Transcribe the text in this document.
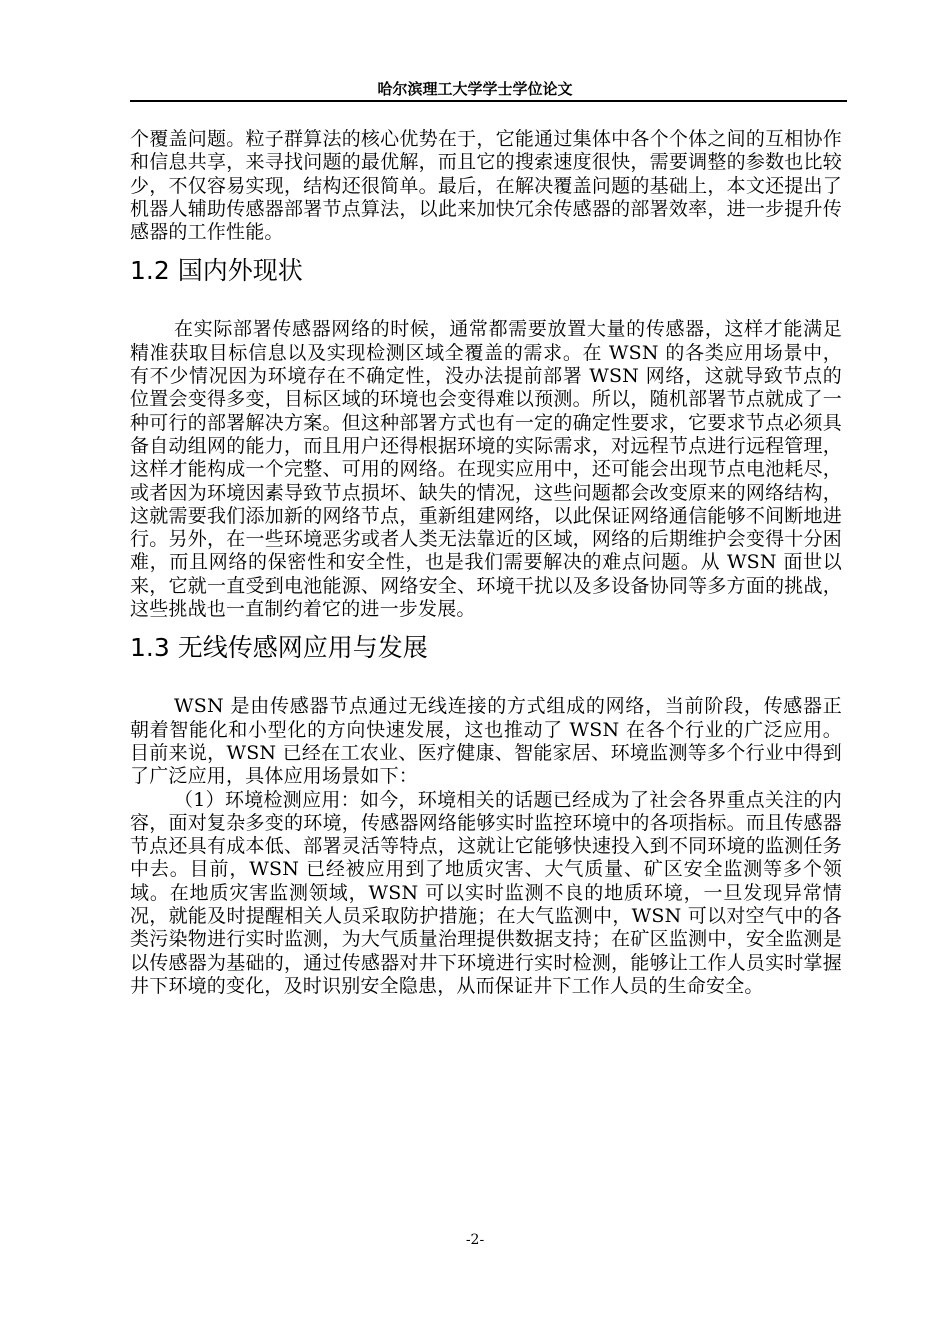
哈尔滨理工大学学士学位论文

个覆盖问题。粒子群算法的核心优势在于，它能通过集体中各个个体之间的互相协作和信息共享，来寻找问题的最优解，而且它的搜索速度很快，需要调整的参数也比较少，不仅容易实现，结构还很简单。最后，在解决覆盖问题的基础上，本文还提出了机器人辅助传感器部署节点算法，以此来加快冗余传感器的部署效率，进一步提升传感器的工作性能。

1.2 国内外现状

在实际部署传感器网络的时候，通常都需要放置大量的传感器，这样才能满足精准获取目标信息以及实现检测区域全覆盖的需求。在 WSN 的各类应用场景中，有不少情况因为环境存在不确定性，没办法提前部署 WSN 网络，这就导致节点的位置会变得多变，目标区域的环境也会变得难以预测。所以，随机部署节点就成了一种可行的部署解决方案。但这种部署方式也有一定的确定性要求，它要求节点必须具备自动组网的能力，而且用户还得根据环境的实际需求，对远程节点进行远程管理，这样才能构成一个完整、可用的网络。在现实应用中，还可能会出现节点电池耗尽，或者因为环境因素导致节点损坏、缺失的情况，这些问题都会改变原来的网络结构，这就需要我们添加新的网络节点，重新组建网络，以此保证网络通信能够不间断地进行。另外，在一些环境恶劣或者人类无法靠近的区域，网络的后期维护会变得十分困难，而且网络的保密性和安全性，也是我们需要解决的难点问题。从 WSN 面世以来，它就一直受到电池能源、网络安全、环境干扰以及多设备协同等多方面的挑战，这些挑战也一直制约着它的进一步发展。

1.3 无线传感网应用与发展

WSN 是由传感器节点通过无线连接的方式组成的网络，当前阶段，传感器正朝着智能化和小型化的方向快速发展，这也推动了 WSN 在各个行业的广泛应用。目前来说，WSN 已经在工农业、医疗健康、智能家居、环境监测等多个行业中得到了广泛应用，具体应用场景如下：

（1）环境检测应用：如今，环境相关的话题已经成为了社会各界重点关注的内容，面对复杂多变的环境，传感器网络能够实时监控环境中的各项指标。而且传感器节点还具有成本低、部署灵活等特点，这就让它能够快速投入到不同环境的监测任务中去。目前，WSN 已经被应用到了地质灾害、大气质量、矿区安全监测等多个领域。在地质灾害监测领域，WSN 可以实时监测不良的地质环境，一旦发现异常情况，就能及时提醒相关人员采取防护措施；在大气监测中，WSN 可以对空气中的各类污染物进行实时监测，为大气质量治理提供数据支持；在矿区监测中，安全监测是以传感器为基础的，通过传感器对井下环境进行实时检测，能够让工作人员实时掌握井下环境的变化，及时识别安全隐患，从而保证井下工作人员的生命安全。

-2-
